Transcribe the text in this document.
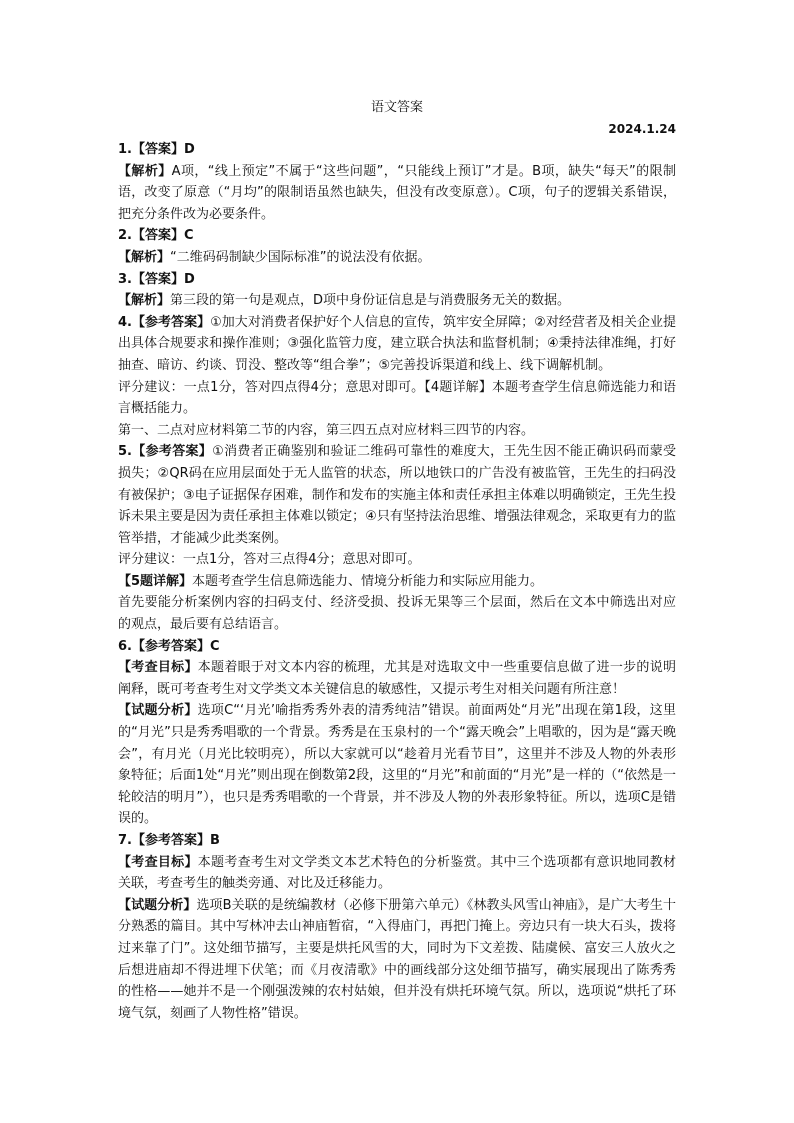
语文答案
2024.1.24

1.【答案】D

【解析】A项，“线上预定”不属于“这些问题”，“只能线上预订”才是。B项，缺失“每天”的限制语，改变了原意（“月均”的限制语虽然也缺失，但没有改变原意）。C项，句子的逻辑关系错误，把充分条件改为必要条件。

2.【答案】C

【解析】“二维码码制缺少国际标准”的说法没有依据。

3.【答案】D

【解析】第三段的第一句是观点，D项中身份证信息是与消费服务无关的数据。

4.【参考答案】①加大对消费者保护好个人信息的宣传，筑牢安全屏障；②对经营者及相关企业提出具体合规要求和操作准则；③强化监管力度，建立联合执法和监督机制；④秉持法律准绳，打好抽查、暗访、约谈、罚没、整改等“组合拳”；⑤完善投诉渠道和线上、线下调解机制。

评分建议：一点1分，答对四点得4分；意思对即可。【4题详解】本题考查学生信息筛选能力和语言概括能力。

第一、二点对应材料第二节的内容，第三四五点对应材料三四节的内容。

5.【参考答案】①消费者正确鉴别和验证二维码可靠性的难度大，王先生因不能正确识码而蒙受损失；②QR码在应用层面处于无人监管的状态，所以地铁口的广告没有被监管，王先生的扫码没有被保护；③电子证据保存困难，制作和发布的实施主体和责任承担主体难以明确锁定，王先生投诉未果主要是因为责任承担主体难以锁定；④只有坚持法治思维、增强法律观念，采取更有力的监管举措，才能减少此类案例。

评分建议：一点1分，答对三点得4分；意思对即可。

【5题详解】本题考查学生信息筛选能力、情境分析能力和实际应用能力。

首先要能分析案例内容的扫码支付、经济受损、投诉无果等三个层面，然后在文本中筛选出对应的观点，最后要有总结语言。

6.【参考答案】C

【考查目标】本题着眼于对文本内容的梳理，尤其是对选取文中一些重要信息做了进一步的说明阐释，既可考查考生对文学类文本关键信息的敏感性，又提示考生对相关问题有所注意！

【试题分析】选项C“‘月光’喻指秀秀外表的清秀纯洁”错误。前面两处“月光”出现在第1段，这里的“月光”只是秀秀唱歌的一个背景。秀秀是在玉泉村的一个“露天晚会”上唱歌的，因为是“露天晚会”，有月光（月光比较明亮），所以大家就可以“趁着月光看节目”，这里并不涉及人物的外表形象特征；后面1处“月光”则出现在倒数第2段，这里的“月光”和前面的“月光”是一样的（“依然是一轮皎洁的明月”），也只是秀秀唱歌的一个背景，并不涉及人物的外表形象特征。所以，选项C是错误的。

7.【参考答案】B

【考查目标】本题考查考生对文学类文本艺术特色的分析鉴赏。其中三个选项都有意识地同教材关联，考查考生的触类旁通、对比及迁移能力。

【试题分析】选项B关联的是统编教材（必修下册第六单元）《林教头风雪山神庙》，是广大考生十分熟悉的篇目。其中写林冲去山神庙暂宿，“入得庙门，再把门掩上。旁边只有一块大石头，拨将过来靠了门”。这处细节描写，主要是烘托风雪的大，同时为下文差拨、陆虞候、富安三人放火之后想进庙却不得进埋下伏笔；而《月夜清歌》中的画线部分这处细节描写，确实展现出了陈秀秀的性格——她并不是一个刚强泼辣的农村姑娘，但并没有烘托环境气氛。所以，选项说“烘托了环境气氛，刻画了人物性格”错误。
